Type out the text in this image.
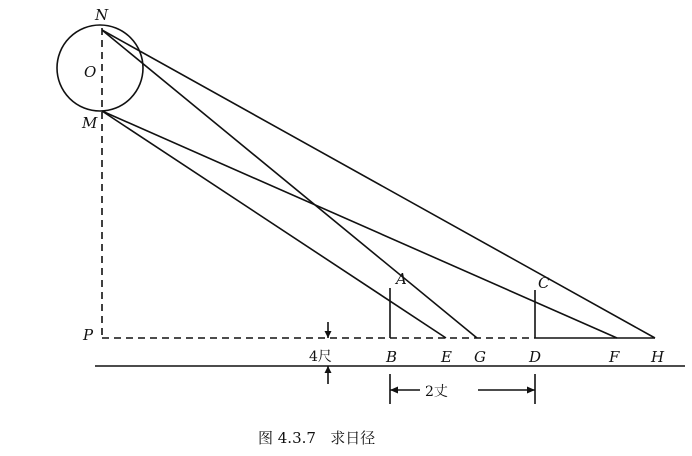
N
O
M
P
A	C
B	E G	D	F H
4尺
2丈
图 4.3.7   求日径
